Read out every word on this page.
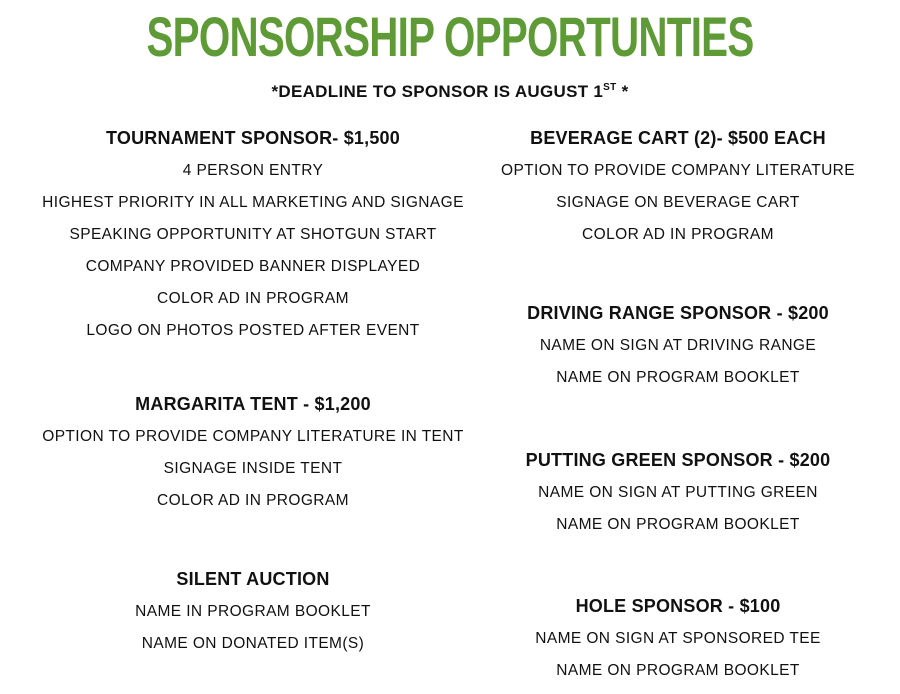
SPONSORSHIP OPPORTUNTIES
*DEADLINE TO SPONSOR IS AUGUST 1ST *
TOURNAMENT SPONSOR- $1,500
4 PERSON ENTRY
HIGHEST PRIORITY IN ALL MARKETING AND SIGNAGE
SPEAKING OPPORTUNITY AT SHOTGUN START
COMPANY PROVIDED BANNER DISPLAYED
COLOR AD IN PROGRAM
LOGO ON PHOTOS POSTED AFTER EVENT
MARGARITA TENT - $1,200
OPTION TO PROVIDE COMPANY LITERATURE IN TENT
SIGNAGE INSIDE TENT
COLOR AD IN PROGRAM
SILENT AUCTION
NAME IN PROGRAM BOOKLET
NAME ON DONATED ITEM(S)
BEVERAGE CART (2)- $500 EACH
OPTION TO PROVIDE COMPANY LITERATURE
SIGNAGE ON BEVERAGE CART
COLOR AD IN PROGRAM
DRIVING RANGE SPONSOR - $200
NAME ON SIGN AT DRIVING RANGE
NAME ON PROGRAM BOOKLET
PUTTING GREEN SPONSOR - $200
NAME ON SIGN AT PUTTING GREEN
NAME ON PROGRAM BOOKLET
HOLE SPONSOR - $100
NAME ON SIGN AT SPONSORED TEE
NAME ON PROGRAM BOOKLET
